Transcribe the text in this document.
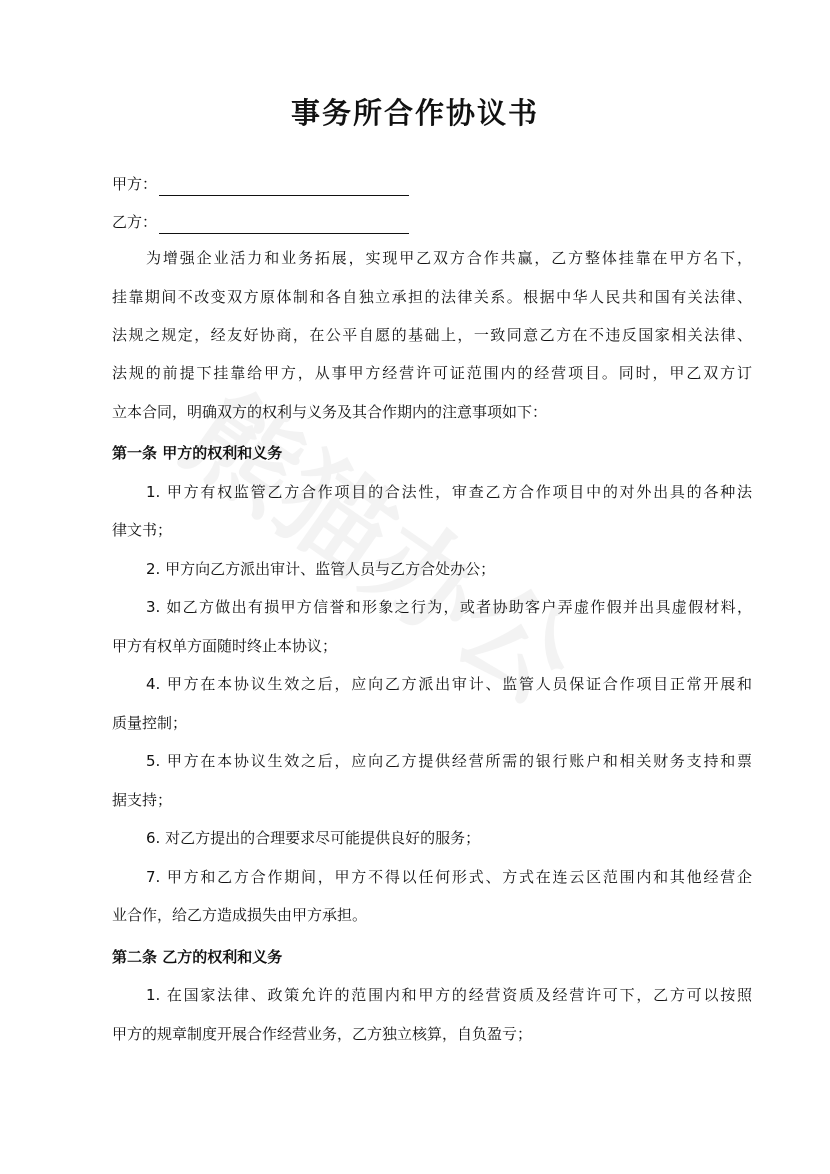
事务所合作协议书
甲方：
乙方：
为增强企业活力和业务拓展，实现甲乙双方合作共赢，乙方整体挂靠在甲方名下，
挂靠期间不改变双方原体制和各自独立承担的法律关系。根据中华人民共和国有关法律、
法规之规定，经友好协商，在公平自愿的基础上，一致同意乙方在不违反国家相关法律、
法规的前提下挂靠给甲方，从事甲方经营许可证范围内的经营项目。同时，甲乙双方订
立本合同，明确双方的权利与义务及其合作期内的注意事项如下：
第一条 甲方的权利和义务
1. 甲方有权监管乙方合作项目的合法性，审查乙方合作项目中的对外出具的各种法
律文书；
2. 甲方向乙方派出审计、监管人员与乙方合处办公；
3. 如乙方做出有损甲方信誉和形象之行为，或者协助客户弄虚作假并出具虚假材料，
甲方有权单方面随时终止本协议；
4. 甲方在本协议生效之后，应向乙方派出审计、监管人员保证合作项目正常开展和
质量控制；
5. 甲方在本协议生效之后，应向乙方提供经营所需的银行账户和相关财务支持和票
据支持；
6. 对乙方提出的合理要求尽可能提供良好的服务；
7. 甲方和乙方合作期间，甲方不得以任何形式、方式在连云区范围内和其他经营企
业合作，给乙方造成损失由甲方承担。
第二条 乙方的权利和义务
1. 在国家法律、政策允许的范围内和甲方的经营资质及经营许可下，乙方可以按照
甲方的规章制度开展合作经营业务，乙方独立核算，自负盈亏；
